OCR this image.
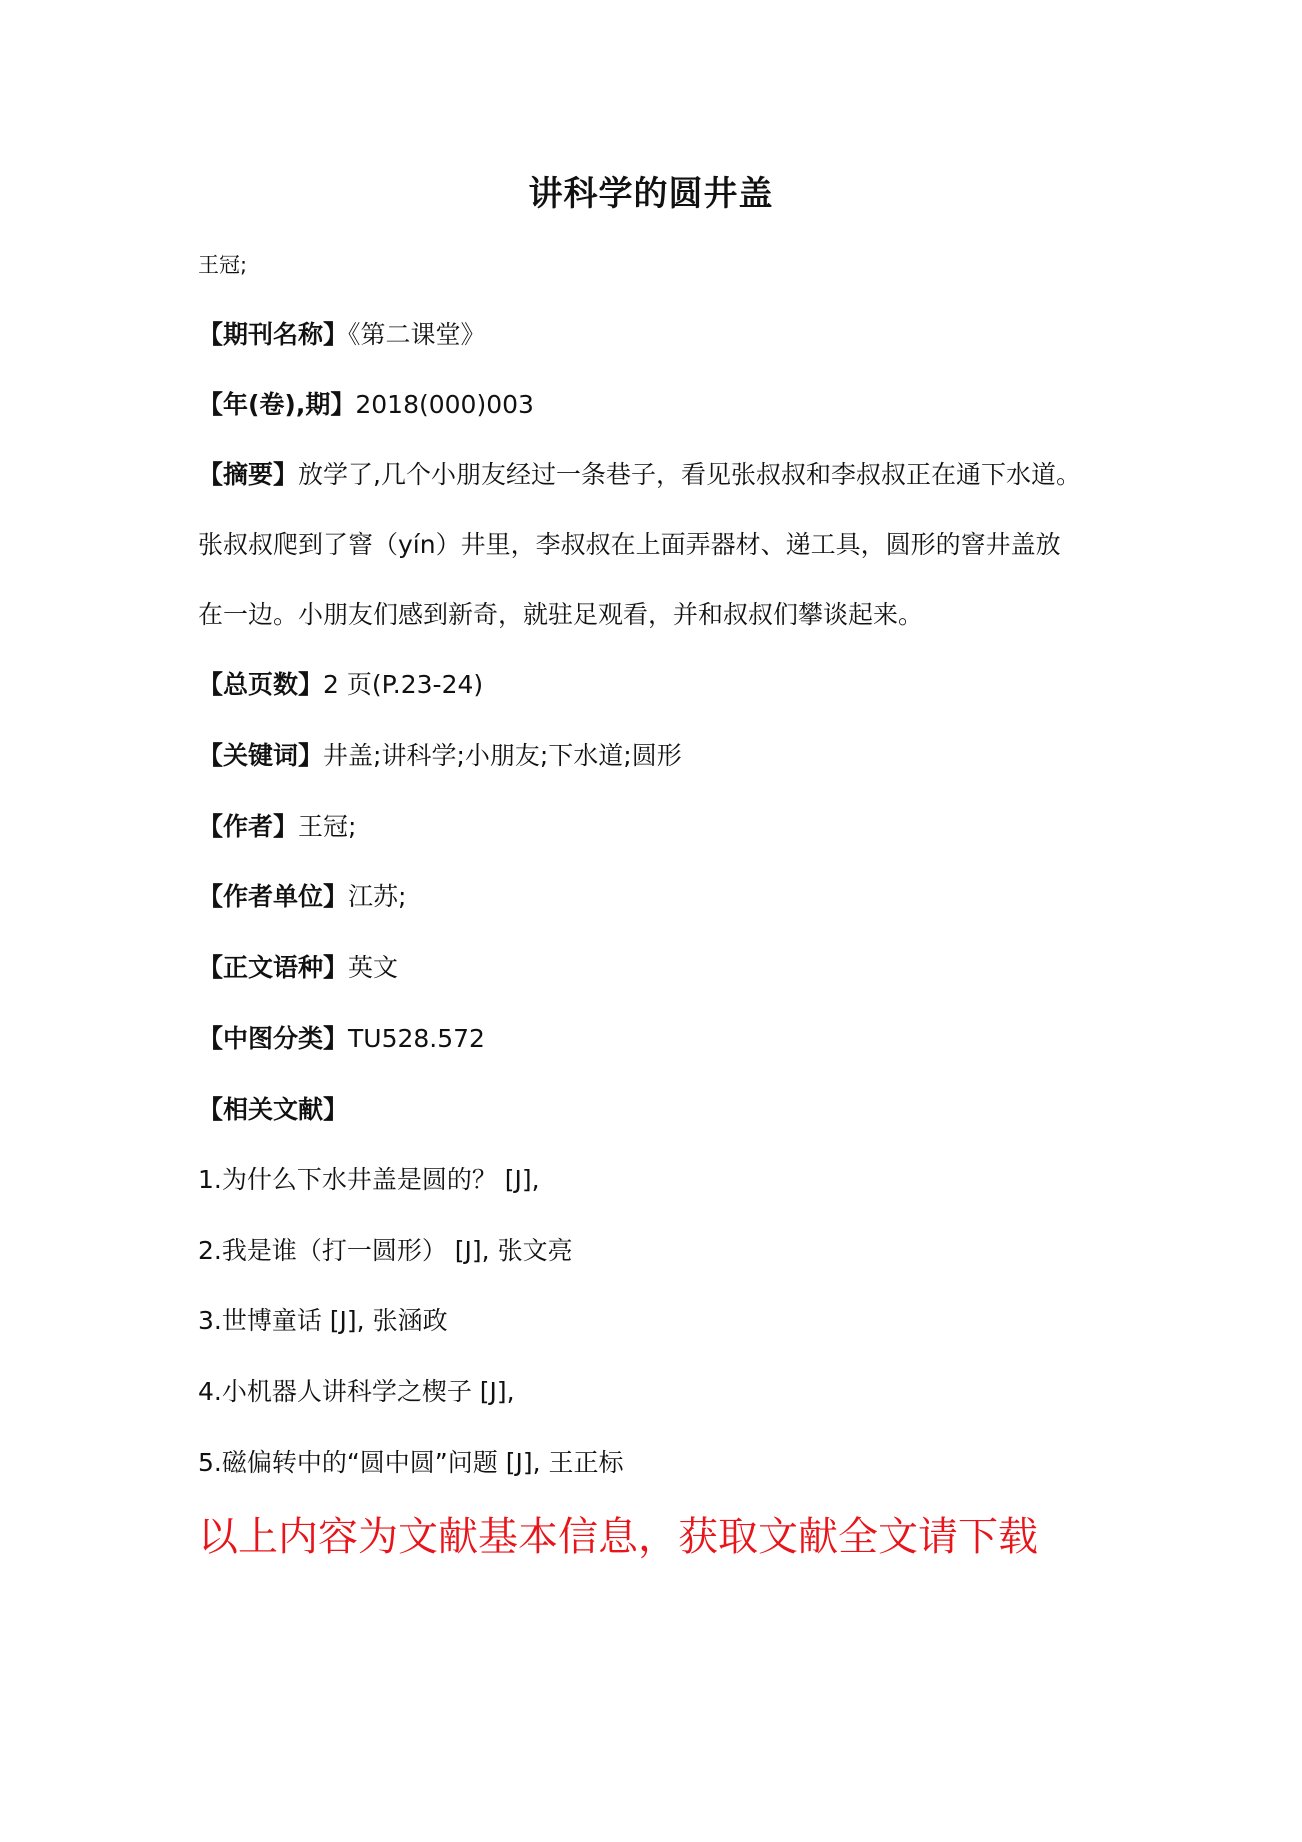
讲科学的圆井盖

王冠;

【期刊名称】《第二课堂》

【年(卷),期】2018(000)003

【摘要】放学了,几个小朋友经过一条巷子，看见张叔叔和李叔叔正在通下水道。

张叔叔爬到了窨（yín）井里，李叔叔在上面弄器材、递工具，圆形的窨井盖放

在一边。小朋友们感到新奇，就驻足观看，并和叔叔们攀谈起来。

【总页数】2 页(P.23-24)

【关键词】井盖;讲科学;小朋友;下水道;圆形

【作者】王冠;

【作者单位】江苏;

【正文语种】英文

【中图分类】TU528.572

【相关文献】

1.为什么下水井盖是圆的？ [J],

2.我是谁（打一圆形） [J], 张文亮

3.世博童话 [J], 张涵政

4.小机器人讲科学之楔子 [J],

5.磁偏转中的“圆中圆”问题 [J], 王正标

以上内容为文献基本信息，获取文献全文请下载
